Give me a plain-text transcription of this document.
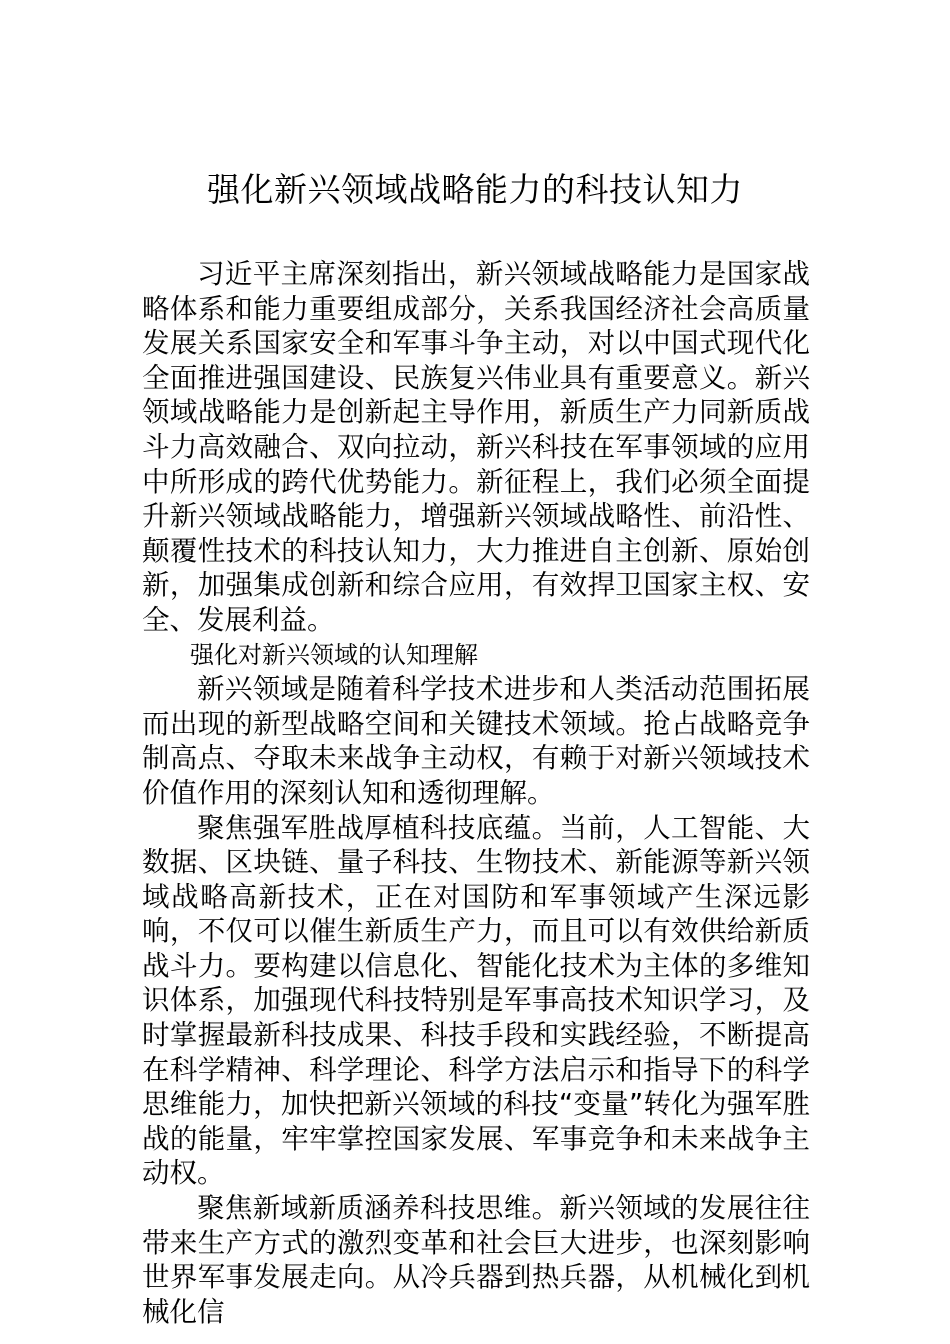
强化新兴领域战略能力的科技认知力

习近平主席深刻指出，新兴领域战略能力是国家战略体系和能力重要组成部分，关系我国经济社会高质量发展关系国家安全和军事斗争主动，对以中国式现代化全面推进强国建设、民族复兴伟业具有重要意义。新兴领域战略能力是创新起主导作用，新质生产力同新质战斗力高效融合、双向拉动，新兴科技在军事领域的应用中所形成的跨代优势能力。新征程上，我们必须全面提升新兴领域战略能力，增强新兴领域战略性、前沿性、颠覆性技术的科技认知力，大力推进自主创新、原始创新，加强集成创新和综合应用，有效捍卫国家主权、安全、发展利益。

强化对新兴领域的认知理解

新兴领域是随着科学技术进步和人类活动范围拓展而出现的新型战略空间和关键技术领域。抢占战略竞争制高点、夺取未来战争主动权，有赖于对新兴领域技术价值作用的深刻认知和透彻理解。

聚焦强军胜战厚植科技底蕴。当前，人工智能、大数据、区块链、量子科技、生物技术、新能源等新兴领域战略高新技术，正在对国防和军事领域产生深远影响，不仅可以催生新质生产力，而且可以有效供给新质战斗力。要构建以信息化、智能化技术为主体的多维知识体系，加强现代科技特别是军事高技术知识学习，及时掌握最新科技成果、科技手段和实践经验，不断提高在科学精神、科学理论、科学方法启示和指导下的科学思维能力，加快把新兴领域的科技“变量”转化为强军胜战的能量，牢牢掌控国家发展、军事竞争和未来战争主动权。

聚焦新域新质涵养科技思维。新兴领域的发展往往带来生产方式的激烈变革和社会巨大进步，也深刻影响世界军事发展走向。从冷兵器到热兵器，从机械化到机械化信
